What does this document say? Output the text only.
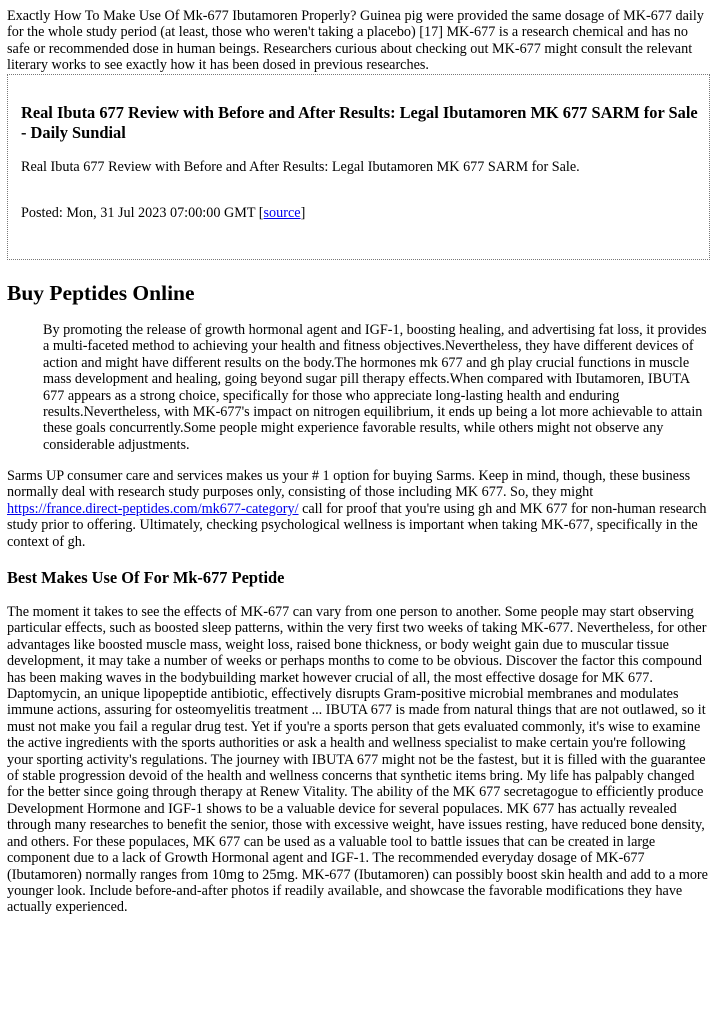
Exactly How To Make Use Of Mk-677 Ibutamoren Properly? Guinea pig were provided the same dosage of MK-677 daily for the whole study period (at least, those who weren't taking a placebo) [17] MK-677 is a research chemical and has no safe or recommended dose in human beings. Researchers curious about checking out MK-677 might consult the relevant literary works to see exactly how it has been dosed in previous researches.

Real Ibuta 677 Review with Before and After Results: Legal Ibutamoren MK 677 SARM for Sale - Daily Sundial

Real Ibuta 677 Review with Before and After Results: Legal Ibutamoren MK 677 SARM for Sale.

Posted: Mon, 31 Jul 2023 07:00:00 GMT [source]

Buy Peptides Online
By promoting the release of growth hormonal agent and IGF-1, boosting healing, and advertising fat loss, it provides a multi-faceted method to achieving your health and fitness objectives.Nevertheless, they have different devices of action and might have different results on the body.The hormones mk 677 and gh play crucial functions in muscle mass development and healing, going beyond sugar pill therapy effects.When compared with Ibutamoren, IBUTA 677 appears as a strong choice, specifically for those who appreciate long-lasting health and enduring results.Nevertheless, with MK-677's impact on nitrogen equilibrium, it ends up being a lot more achievable to attain these goals concurrently.Some people might experience favorable results, while others might not observe any considerable adjustments.

Sarms UP consumer care and services makes us your # 1 option for buying Sarms. Keep in mind, though, these business normally deal with research study purposes only, consisting of those including MK 677. So, they might https://france.direct-peptides.com/mk677-category/ call for proof that you're using gh and MK 677 for non-human research study prior to offering. Ultimately, checking psychological wellness is important when taking MK-677, specifically in the context of gh.

Best Makes Use Of For Mk-677 Peptide

The moment it takes to see the effects of MK-677 can vary from one person to another. Some people may start observing particular effects, such as boosted sleep patterns, within the very first two weeks of taking MK-677. Nevertheless, for other advantages like boosted muscle mass, weight loss, raised bone thickness, or body weight gain due to muscular tissue development, it may take a number of weeks or perhaps months to come to be obvious. Discover the factor this compound has been making waves in the bodybuilding market however crucial of all, the most effective dosage for MK 677. Daptomycin, an unique lipopeptide antibiotic, effectively disrupts Gram-positive microbial membranes and modulates immune actions, assuring for osteomyelitis treatment ... IBUTA 677 is made from natural things that are not outlawed, so it must not make you fail a regular drug test. Yet if you're a sports person that gets evaluated commonly, it's wise to examine the active ingredients with the sports authorities or ask a health and wellness specialist to make certain you're following your sporting activity's regulations. The journey with IBUTA 677 might not be the fastest, but it is filled with the guarantee of stable progression devoid of the health and wellness concerns that synthetic items bring. My life has palpably changed for the better since going through therapy at Renew Vitality. The ability of the MK 677 secretagogue to efficiently produce Development Hormone and IGF-1 shows to be a valuable device for several populaces. MK 677 has actually revealed through many researches to benefit the senior, those with excessive weight, have issues resting, have reduced bone density, and others. For these populaces, MK 677 can be used as a valuable tool to battle issues that can be created in large component due to a lack of Growth Hormonal agent and IGF-1. The recommended everyday dosage of MK-677 (Ibutamoren) normally ranges from 10mg to 25mg. MK-677 (Ibutamoren) can possibly boost skin health and add to a more younger look. Include before-and-after photos if readily available, and showcase the favorable modifications they have actually experienced.
